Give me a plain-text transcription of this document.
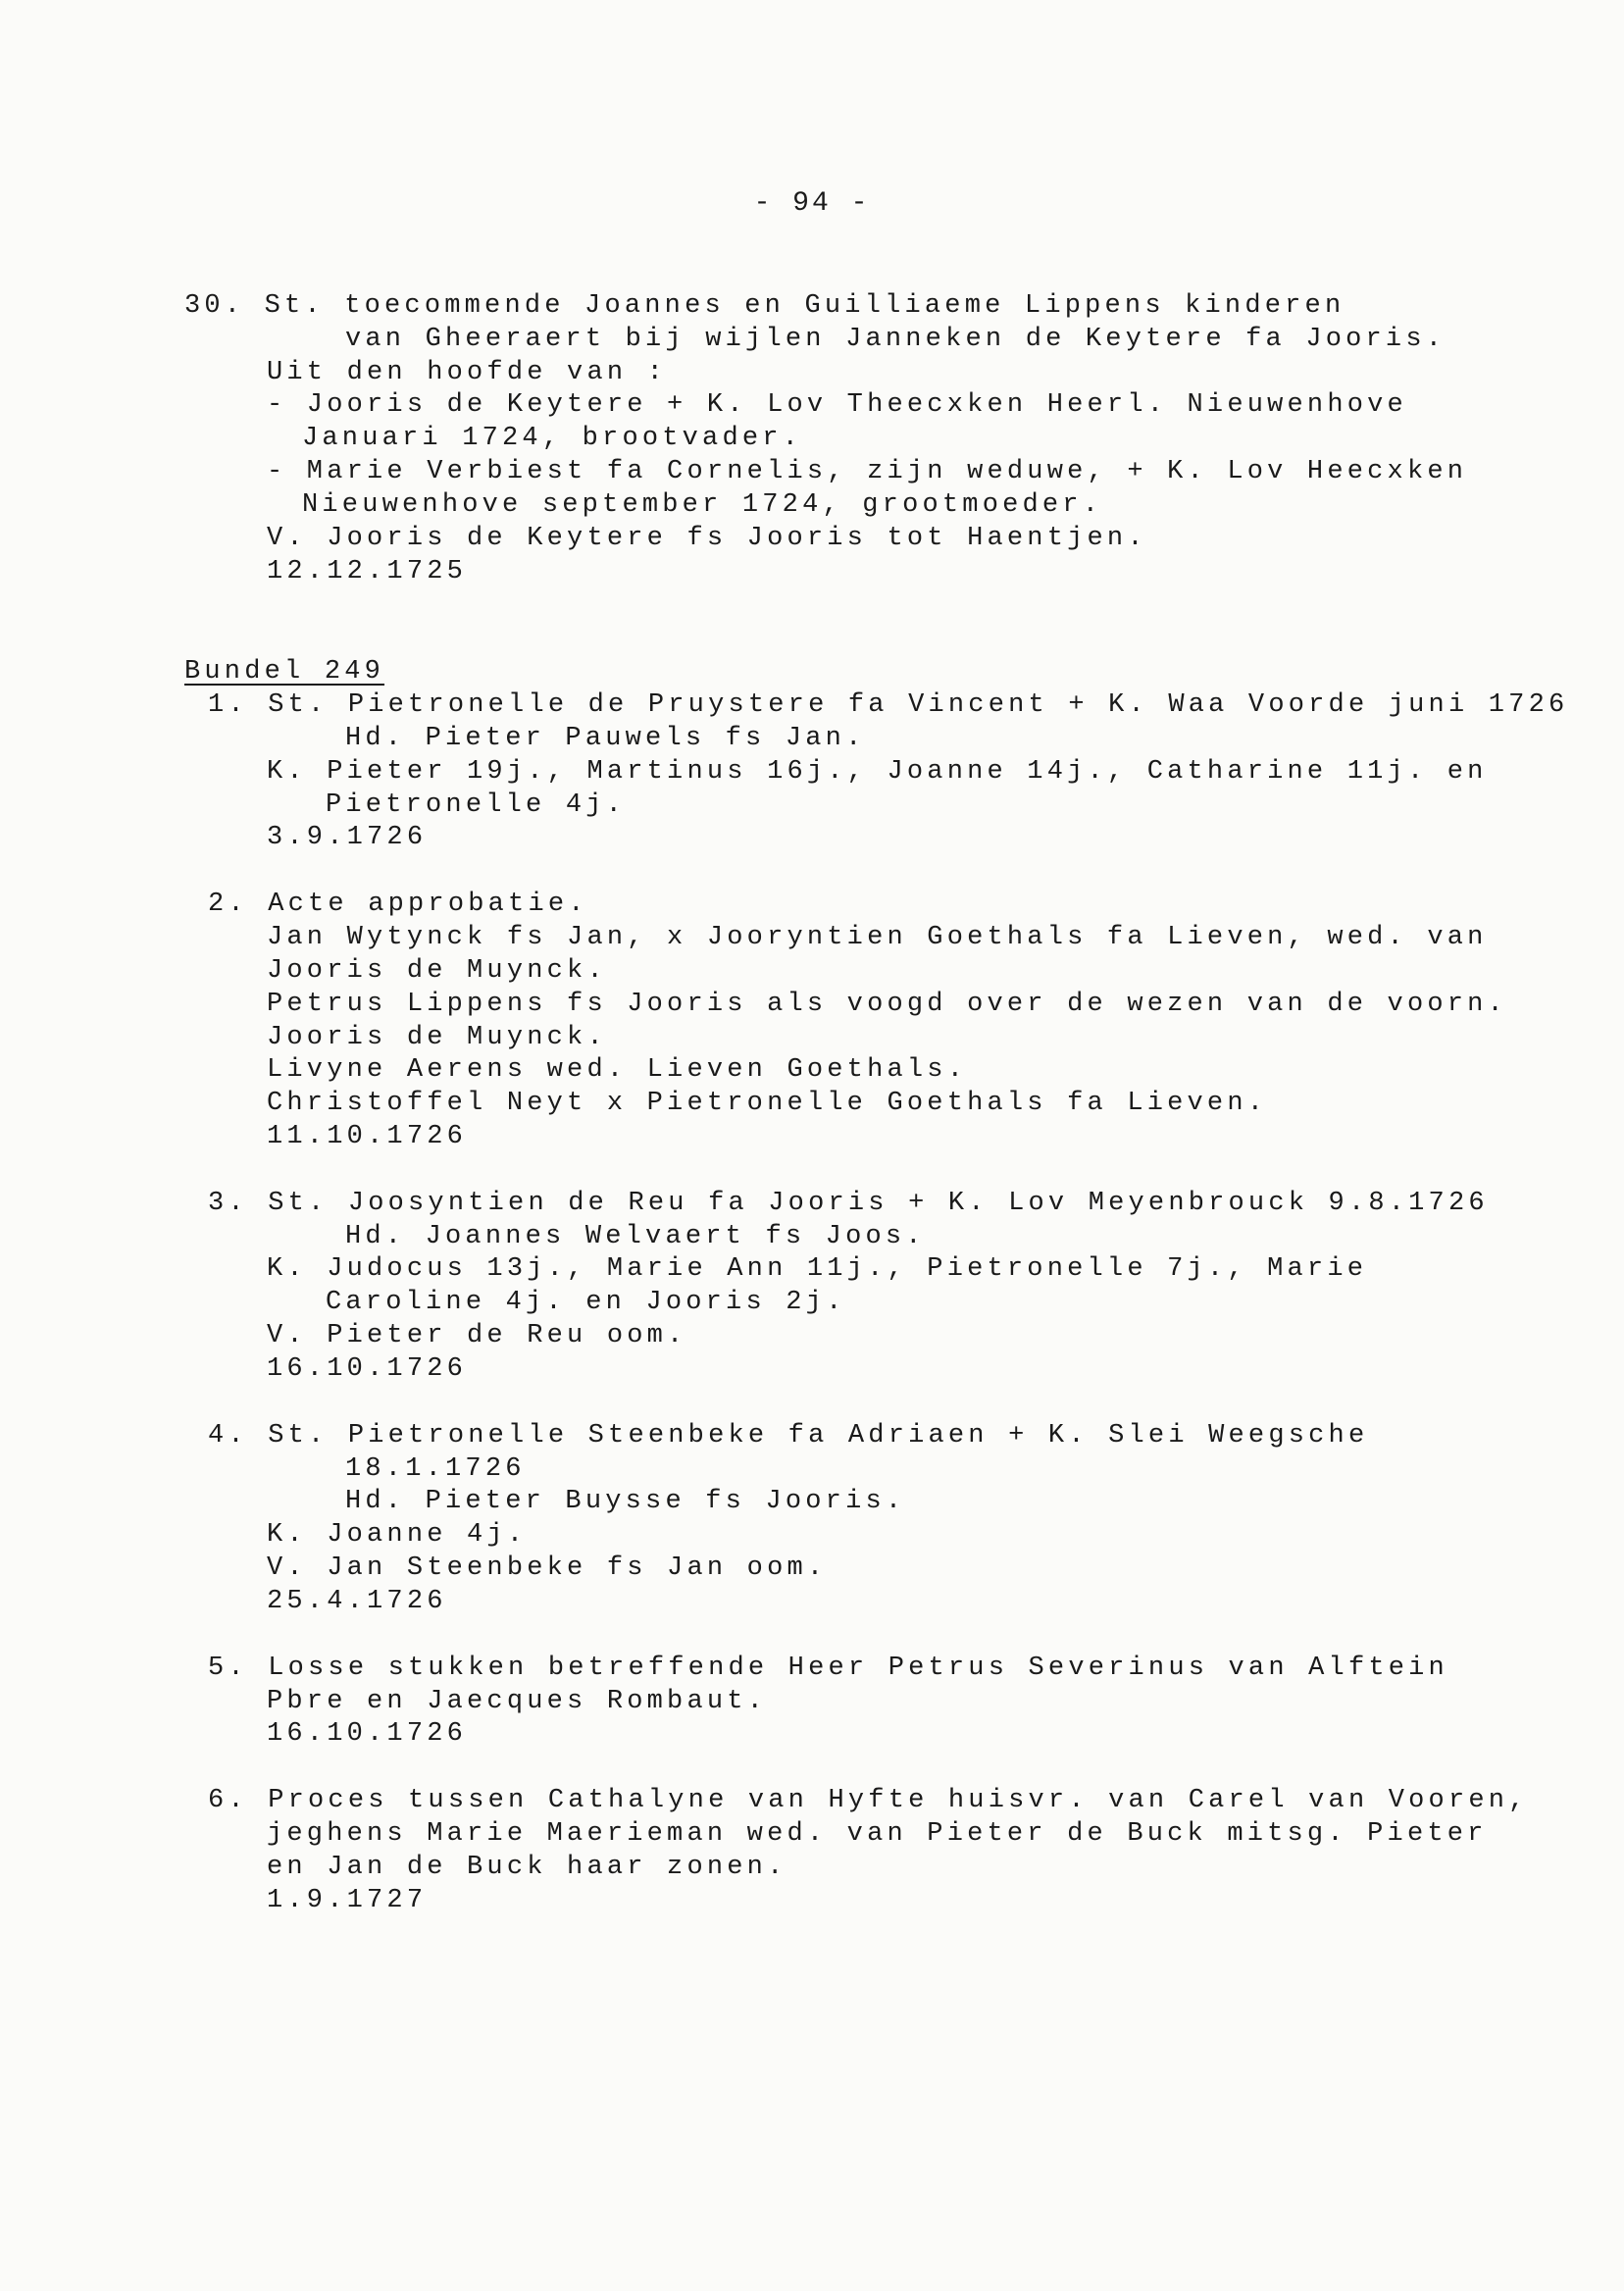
- 94 -
30. St. toecommende Joannes en Guilliaeme Lippens kinderen
van Gheeraert bij wijlen Janneken de Keytere fa Jooris.
Uit den hoofde van :
- Jooris de Keytere + K. Lov Theecxken Heerl. Nieuwenhove
Januari 1724, brootvader.
- Marie Verbiest fa Cornelis, zijn weduwe, + K. Lov Heecxken
Nieuwenhove september 1724, grootmoeder.
V. Jooris de Keytere fs Jooris tot Haentjen.
12.12.1725
Bundel 249
1. St. Pietronelle de Pruystere fa Vincent + K. Waa Voorde juni 1726
Hd. Pieter Pauwels fs Jan.
K. Pieter 19j., Martinus 16j., Joanne 14j., Catharine 11j. en
Pietronelle 4j.
3.9.1726
2. Acte approbatie.
Jan Wytynck fs Jan, x Jooryntien Goethals fa Lieven, wed. van
Jooris de Muynck.
Petrus Lippens fs Jooris als voogd over de wezen van de voorn.
Jooris de Muynck.
Livyne Aerens wed. Lieven Goethals.
Christoffel Neyt x Pietronelle Goethals fa Lieven.
11.10.1726
3. St. Joosyntien de Reu fa Jooris + K. Lov Meyenbrouck 9.8.1726
Hd. Joannes Welvaert fs Joos.
K. Judocus 13j., Marie Ann 11j., Pietronelle 7j., Marie
Caroline 4j. en Jooris 2j.
V. Pieter de Reu oom.
16.10.1726
4. St. Pietronelle Steenbeke fa Adriaen + K. Slei Weegsche
18.1.1726
Hd. Pieter Buysse fs Jooris.
K. Joanne 4j.
V. Jan Steenbeke fs Jan oom.
25.4.1726
5. Losse stukken betreffende Heer Petrus Severinus van Alftein
Pbre en Jaecques Rombaut.
16.10.1726
6. Proces tussen Cathalyne van Hyfte huisvr. van Carel van Vooren,
jeghens Marie Maerieman wed. van Pieter de Buck mitsg. Pieter
en Jan de Buck haar zonen.
1.9.1727
